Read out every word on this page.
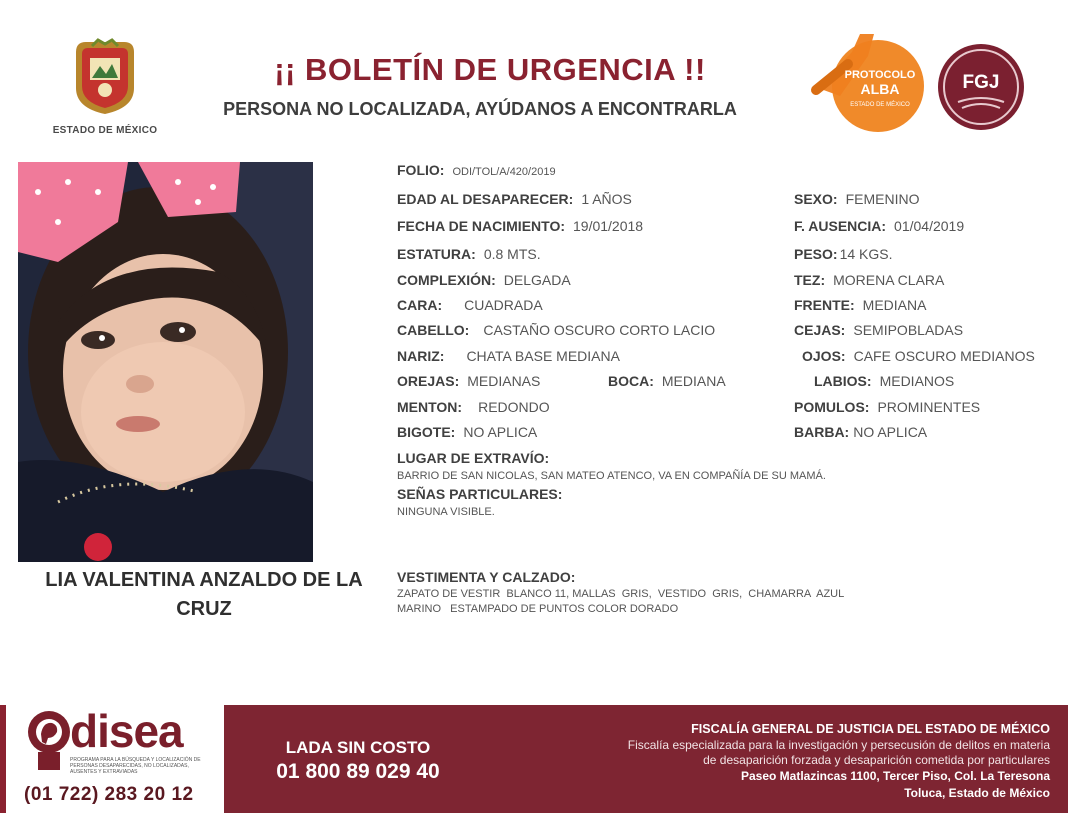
ESTADO DE MÉXICO
¡¡ BOLETÍN DE URGENCIA !!
PERSONA NO LOCALIZADA, AYÚDANOS A ENCONTRARLA
PROTOCOLO
ALBA
ESTADO DE MÉXICO
FGJ
LIA VALENTINA ANZALDO DE LA CRUZ
FOLIO: ODI/TOL/A/420/2019
EDAD AL DESAPARECER: 1 AÑOS	SEXO: FEMENINO
FECHA DE NACIMIENTO: 19/01/2018	F. AUSENCIA: 01/04/2019
ESTATURA: 0.8 MTS.	PESO: 14 KGS.
COMPLEXIÓN: DELGADA	TEZ: MORENA CLARA
CARA: CUADRADA	FRENTE: MEDIANA
CABELLO: CASTAÑO OSCURO CORTO LACIO	CEJAS: SEMIPOBLADAS
NARIZ: CHATA BASE MEDIANA	OJOS: CAFE OSCURO MEDIANOS
OREJAS: MEDIANAS	BOCA: MEDIANA	LABIOS: MEDIANOS
MENTON: REDONDO	POMULOS: PROMINENTES
BIGOTE: NO APLICA	BARBA: NO APLICA
LUGAR DE EXTRAVÍO:
BARRIO DE SAN NICOLAS, SAN MATEO ATENCO, VA EN COMPAÑÍA DE SU MAMÁ.
SEÑAS PARTICULARES:
NINGUNA VISIBLE.
VESTIMENTA Y CALZADO:
ZAPATO DE VESTIR  BLANCO 11, MALLAS  GRIS,  VESTIDO  GRIS,  CHAMARRA  AZUL
MARINO   ESTAMPADO DE PUNTOS COLOR DORADO
disea
PROGRAMA PARA LA BÚSQUEDA Y LOCALIZACIÓN DE PERSONAS DESAPARECIDAS, NO LOCALIZADAS, AUSENTES Y EXTRAVIADAS
(01 722) 283 20 12
LADA SIN COSTO
01 800 89 029 40
FISCALÍA GENERAL DE JUSTICIA DEL ESTADO DE MÉXICO
Fiscalía especializada para la investigación y persecusión de delitos en materia
de desaparición forzada y desaparición cometida por particulares
Paseo Matlazincas 1100, Tercer Piso, Col. La Teresona
Toluca, Estado de México
